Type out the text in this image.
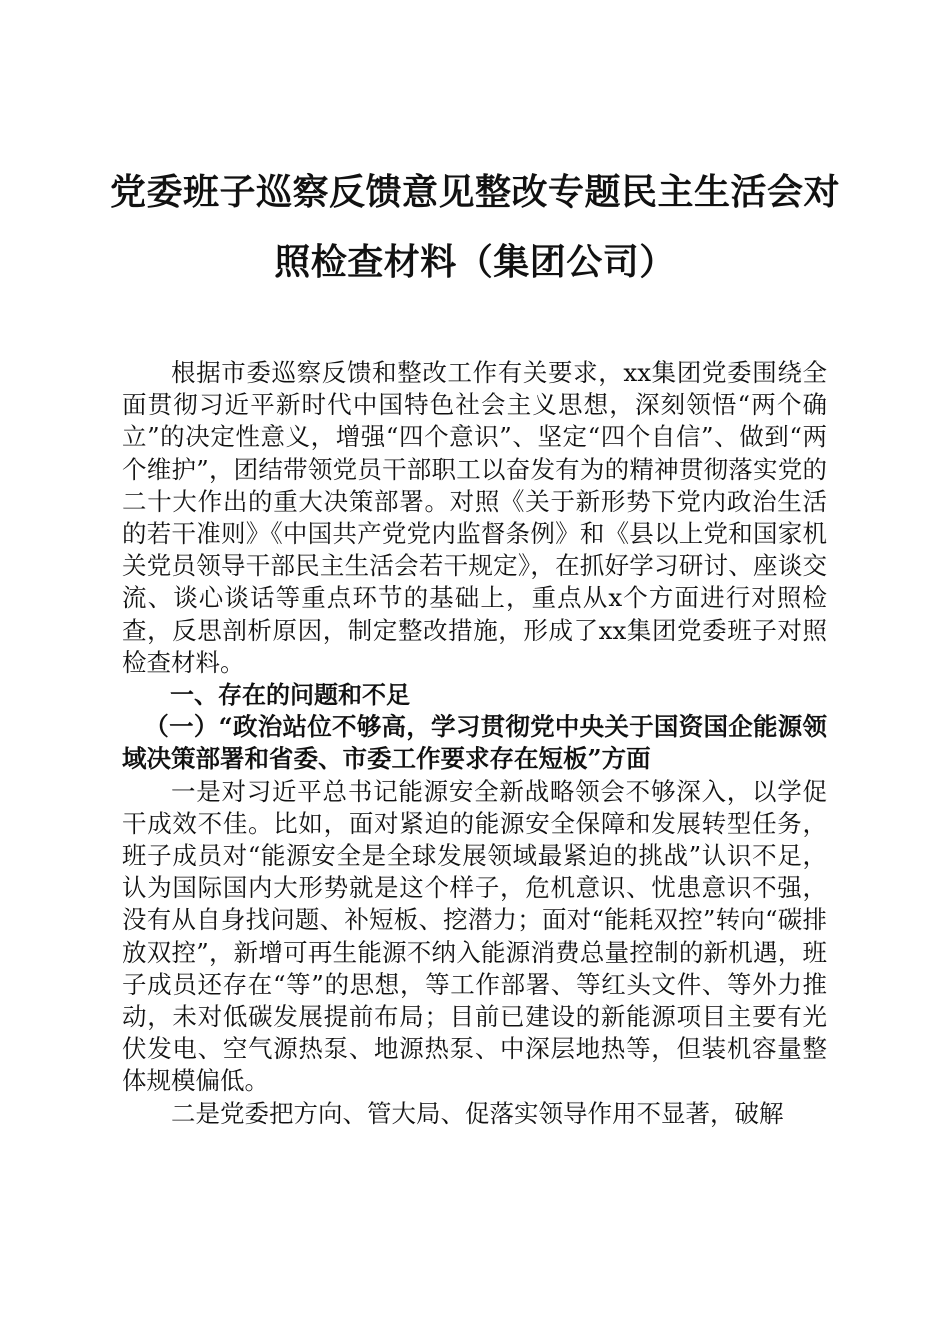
党委班子巡察反馈意见整改专题民主生活会对
照检查材料（集团公司）

根据市委巡察反馈和整改工作有关要求，xx集团党委围绕全面贯彻习近平新时代中国特色社会主义思想，深刻领悟“两个确立”的决定性意义，增强“四个意识”、坚定“四个自信”、做到“两个维护”，团结带领党员干部职工以奋发有为的精神贯彻落实党的二十大作出的重大决策部署。对照《关于新形势下党内政治生活的若干准则》《中国共产党党内监督条例》和《县以上党和国家机关党员领导干部民主生活会若干规定》，在抓好学习研讨、座谈交流、谈心谈话等重点环节的基础上，重点从x个方面进行对照检查，反思剖析原因，制定整改措施，形成了xx集团党委班子对照检查材料。

一、存在的问题和不足

（一）“政治站位不够高，学习贯彻党中央关于国资国企能源领域决策部署和省委、市委工作要求存在短板”方面

一是对习近平总书记能源安全新战略领会不够深入，以学促干成效不佳。比如，面对紧迫的能源安全保障和发展转型任务，班子成员对“能源安全是全球发展领域最紧迫的挑战”认识不足，认为国际国内大形势就是这个样子，危机意识、忧患意识不强，没有从自身找问题、补短板、挖潜力；面对“能耗双控”转向“碳排放双控”，新增可再生能源不纳入能源消费总量控制的新机遇，班子成员还存在“等”的思想，等工作部署、等红头文件、等外力推动，未对低碳发展提前布局；目前已建设的新能源项目主要有光伏发电、空气源热泵、地源热泵、中深层地热等，但装机容量整体规模偏低。

二是党委把方向、管大局、促落实领导作用不显著，破解
